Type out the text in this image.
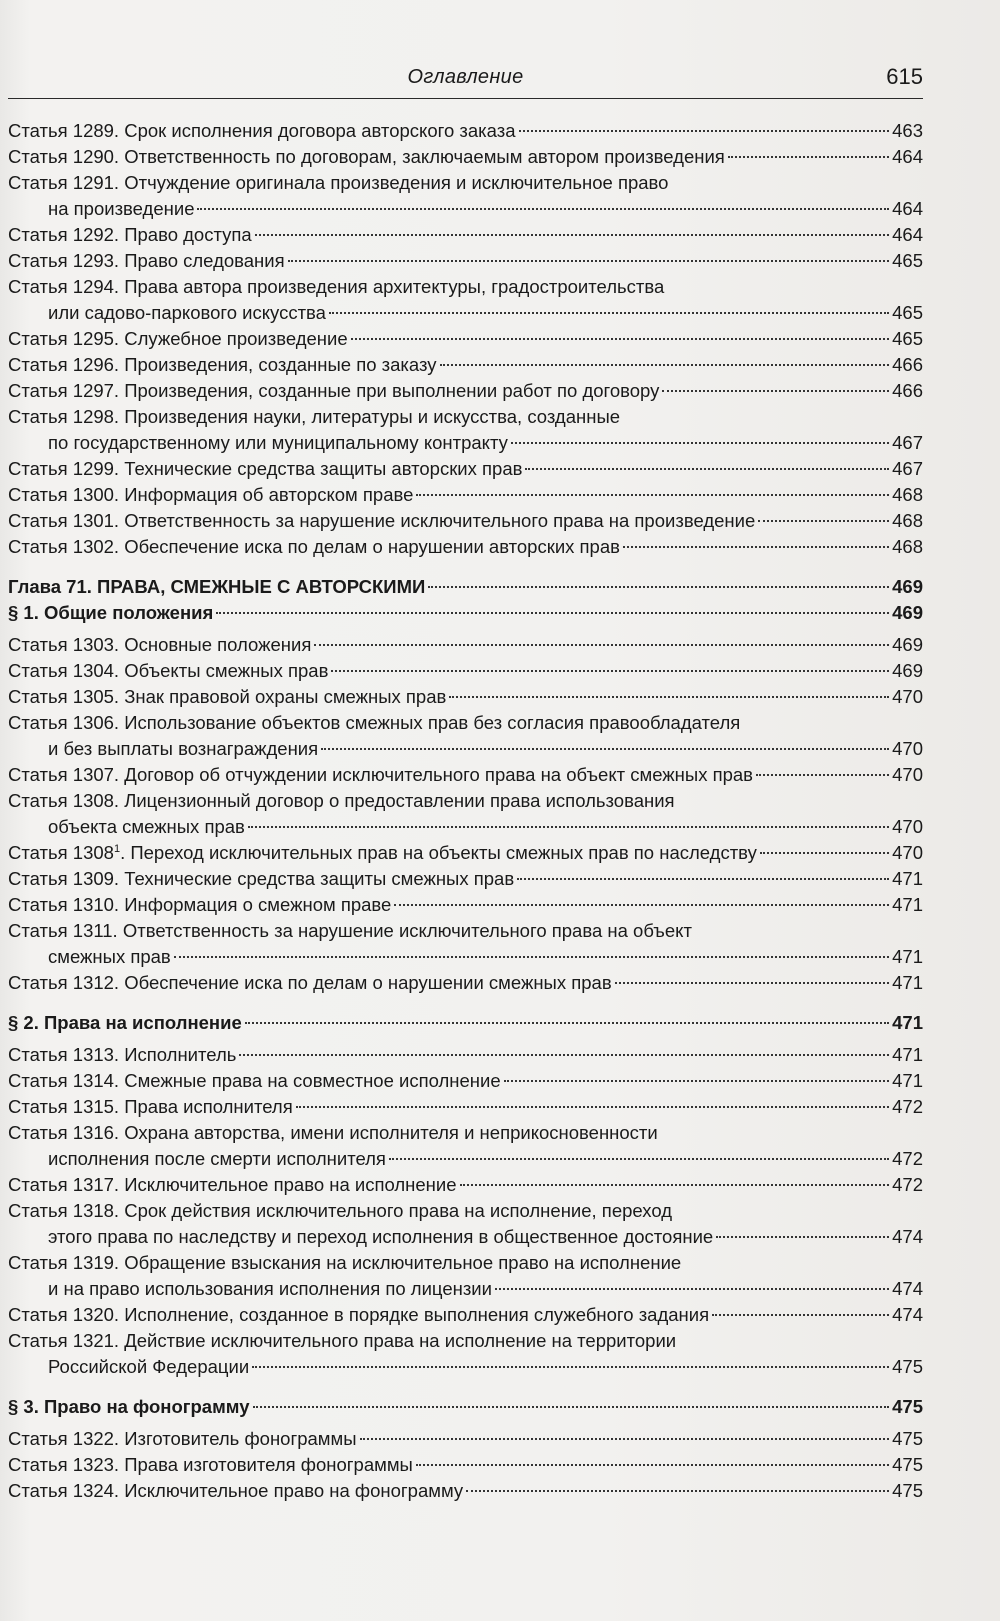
Оглавление	615
Статья 1289. Срок исполнения договора авторского заказа	463
Статья 1290. Ответственность по договорам, заключаемым автором произведения	464
Статья 1291. Отчуждение оригинала произведения и исключительное право
на произведение	464
Статья 1292. Право доступа	464
Статья 1293. Право следования	465
Статья 1294. Права автора произведения архитектуры, градостроительства
или садово-паркового искусства	465
Статья 1295. Служебное произведение	465
Статья 1296. Произведения, созданные по заказу	466
Статья 1297. Произведения, созданные при выполнении работ по договору	466
Статья 1298. Произведения науки, литературы и искусства, созданные
по государственному или муниципальному контракту	467
Статья 1299. Технические средства защиты авторских прав	467
Статья 1300. Информация об авторском праве	468
Статья 1301. Ответственность за нарушение исключительного права на произведение	468
Статья 1302. Обеспечение иска по делам о нарушении авторских прав	468
Глава 71. ПРАВА, СМЕЖНЫЕ С АВТОРСКИМИ	469
§ 1. Общие положения	469
Статья 1303. Основные положения	469
Статья 1304. Объекты смежных прав	469
Статья 1305. Знак правовой охраны смежных прав	470
Статья 1306. Использование объектов смежных прав без согласия правообладателя
и без выплаты вознаграждения	470
Статья 1307. Договор об отчуждении исключительного права на объект смежных прав	470
Статья 1308. Лицензионный договор о предоставлении права использования
объекта смежных прав	470
Статья 1308$^1$. Переход исключительных прав на объекты смежных прав по наследству	470
Статья 1309. Технические средства защиты смежных прав	471
Статья 1310. Информация о смежном праве	471
Статья 1311. Ответственность за нарушение исключительного права на объект
смежных прав	471
Статья 1312. Обеспечение иска по делам о нарушении смежных прав	471
§ 2. Права на исполнение	471
Статья 1313. Исполнитель	471
Статья 1314. Смежные права на совместное исполнение	471
Статья 1315. Права исполнителя	472
Статья 1316. Охрана авторства, имени исполнителя и неприкосновенности
исполнения после смерти исполнителя	472
Статья 1317. Исключительное право на исполнение	472
Статья 1318. Срок действия исключительного права на исполнение, переход
этого права по наследству и переход исполнения в общественное достояние	474
Статья 1319. Обращение взыскания на исключительное право на исполнение
и на право использования исполнения по лицензии	474
Статья 1320. Исполнение, созданное в порядке выполнения служебного задания	474
Статья 1321. Действие исключительного права на исполнение на территории
Российской Федерации	475
§ 3. Право на фонограмму	475
Статья 1322. Изготовитель фонограммы	475
Статья 1323. Права изготовителя фонограммы	475
Статья 1324. Исключительное право на фонограмму	475
